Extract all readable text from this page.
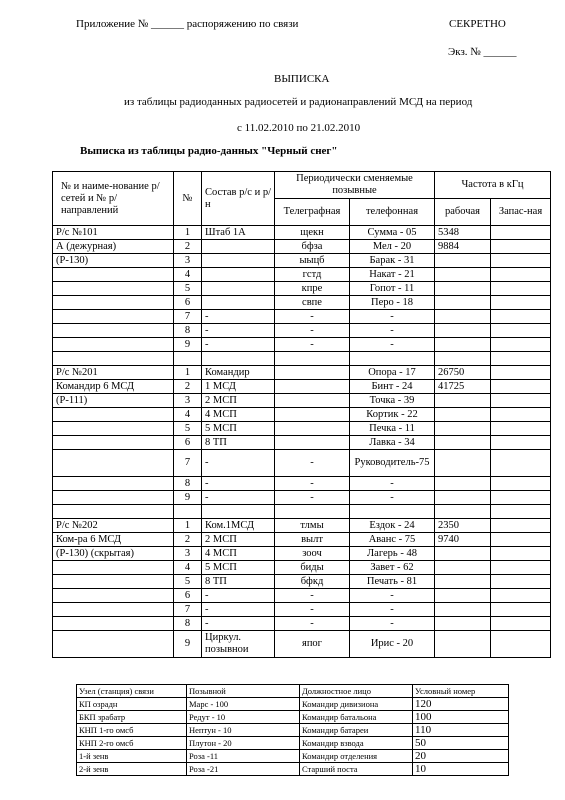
Приложение № ______ распоряжению по связи	СЕКРЕТНО
Экз. № ______
ВЫПИСКА
из таблицы радиоданных радиосетей и радионаправлений МСД на период
с 11.02.2010 по 21.02.2010
Выписка из таблицы радио-данных "Черный снег"
№ и наиме-нование р/сетей и № р/направлений	№	Состав р/с и р/н	Периодически сменяемые позывные		Частота в кГц	
			Телеграфная	телефонная	рабочая	Запас-ная
Р/с №101	1	Штаб 1А	щекн	Сумма - 05	5348	
А (дежурная)	2		бфза	Мел - 20	9884	
(Р-130)	3		ыыцб	Барак - 31		
	4		гстд	Накат - 21		
	5		кпре	Гопот - 11		
	6		свпе	Перо - 18		
	7	-	-	-		
	8	-	-	-		
	9	-	-	-		

Р/с №201	1	Командир		Опора - 17	26750	
Командир 6 МСД	2	1 МСД		Бинт - 24	41725	
(Р-111)	3	2 МСП		Точка - 39		
	4	4 МСП		Кортик - 22		
	5	5 МСП		Печка - 11		
	6	8 ТП		Лавка - 34		
	7	-	-	Руководитель-75		
	8	-	-	-		
	9	-	-	-		

Р/с №202	1	Ком.1МСД	тлмы	Ездок - 24	2350	
Ком-ра 6 МСД	2	2 МСП	вылт	Аванс - 75	9740	
(Р-130) (скрытая)	3	4 МСП	зооч	Лагерь - 48		
	4	5 МСП	биды	Завет - 62		
	5	8 ТП	бфкд	Печать - 81		
	6	-	-	-		
	7	-	-	-		
	8	-	-	-		
	9	Циркул. позывнои	япог	Ирис - 20		
Узел (станция) связи	Позывной	Должностное лицо	Условный номер
КП озрадн	Марс - 100	Командир дивизиона	120
БКП зрабатр	Редут - 10	Командир батальона	100
КНП 1-го омсб	Нептун - 10	Командир батареи	110
КНП 2-го омсб	Плутон - 20	Командир взвода	50
1-й зенв	Роза -11	Командир отделения	20
2-й зенв	Роза -21	Старший поста	10
